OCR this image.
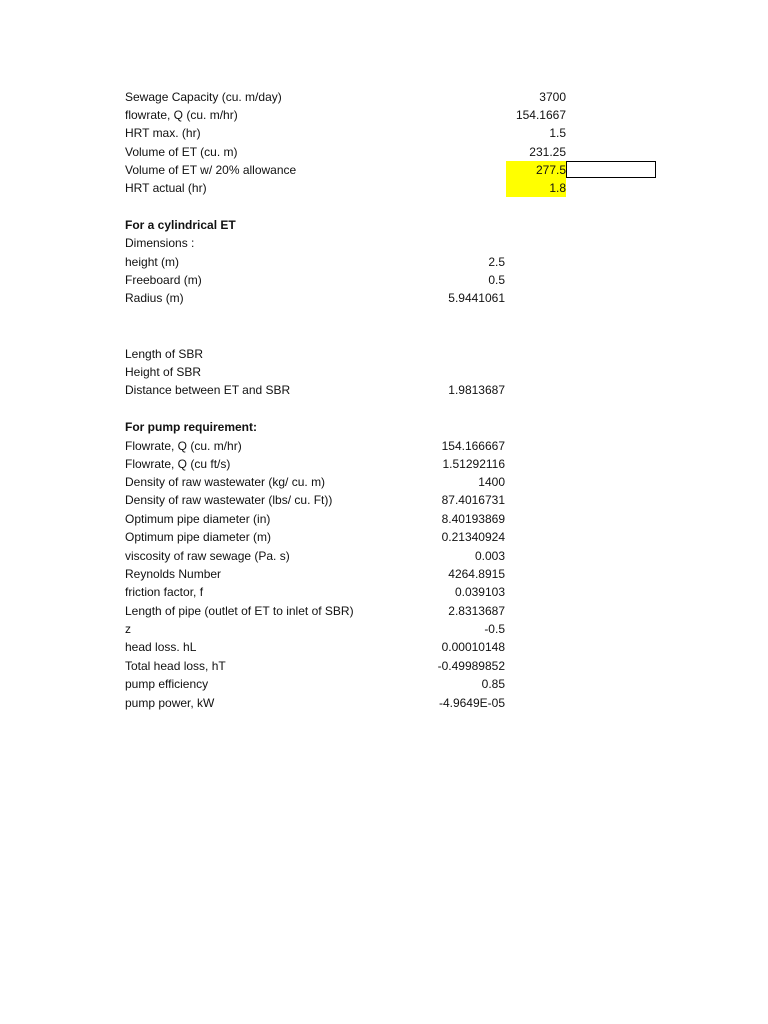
Sewage Capacity (cu. m/day)	3700
flowrate, Q (cu. m/hr)	154.1667
HRT max. (hr)	1.5
Volume of ET (cu. m)	231.25
Volume of ET w/ 20% allowance	277.5
HRT actual (hr)	1.8
For a cylindrical ET
Dimensions :
height (m)	2.5
Freeboard (m)	0.5
Radius (m)	5.9441061
Length of SBR
Height of SBR
Distance between ET and SBR	1.9813687
For pump requirement:
Flowrate, Q (cu. m/hr)	154.166667
Flowrate, Q (cu ft/s)	1.51292116
Density of raw wastewater (kg/ cu. m)	1400
Density of raw wastewater (lbs/ cu. Ft))	87.4016731
Optimum pipe diameter (in)	8.40193869
Optimum pipe diameter (m)	0.21340924
viscosity of raw sewage (Pa. s)	0.003
Reynolds Number	4264.8915
friction factor, f	0.039103
Length of pipe (outlet of ET to inlet of SBR)	2.8313687
z	-0.5
head loss. hL	0.00010148
Total head loss, hT	-0.49989852
pump efficiency	0.85
pump power, kW	-4.9649E-05
